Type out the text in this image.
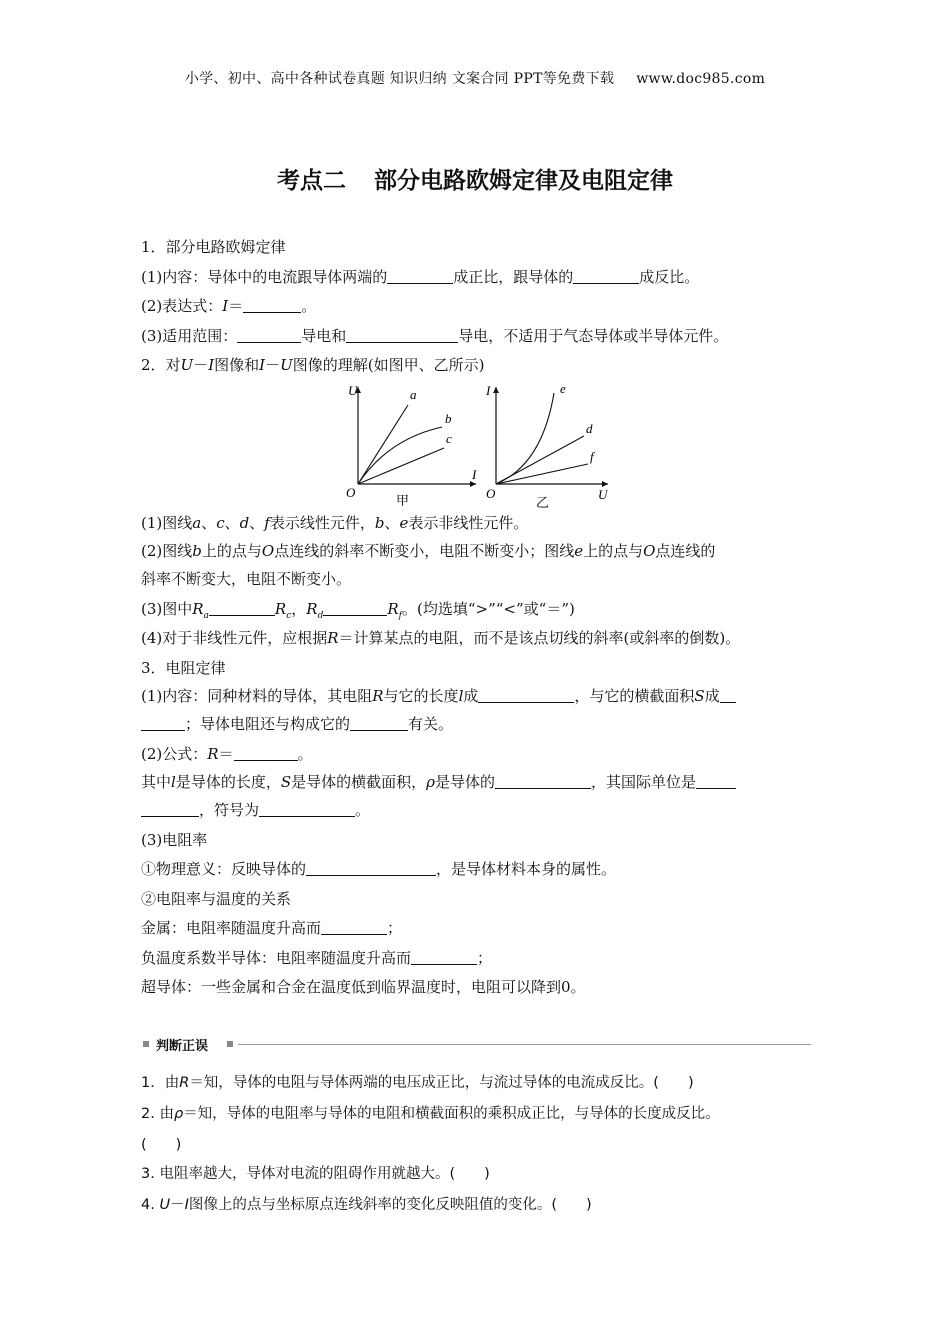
小学、初中、高中各种试卷真题 知识归纳 文案合同 PPT等免费下载 www.doc985.com
考点二 部分电路欧姆定律及电阻定律
1．部分电路欧姆定律
(1)内容：导体中的电流跟导体两端的	成正比，跟导体的	成反比。
(2)表达式：I＝	。
(3)适用范围：	导电和	导电，不适用于气态导体或半导体元件。
2．对U－I图像和I－U图像的理解(如图甲、乙所示)
U
I
O
a
b
c
甲
I
U
O
e
d
f
乙
(1)图线a、c、d、f表示线性元件，b、e表示非线性元件。
(2)图线b上的点与O点连线的斜率不断变小，电阻不断变小；图线e上的点与O点连线的
斜率不断变大，电阻不断变小。
(3)图中$R_a$	$R_c$，$R_d$	$R_f$。(均选填“>”“<”或“＝”)
(4)对于非线性元件，应根据R＝计算某点的电阻，而不是该点切线的斜率(或斜率的倒数)。
3．电阻定律
(1)内容：同种材料的导体，其电阻R与它的长度l成	，与它的横截面积S成
；导体电阻还与构成它的	有关。
(2)公式：R＝	。
其中l是导体的长度，S是导体的横截面积，ρ是导体的	，其国际单位是
，符号为	。
(3)电阻率
①物理意义：反映导体的	，是导体材料本身的属性。
②电阻率与温度的关系
金属：电阻率随温度升高而	；
负温度系数半导体：电阻率随温度升高而	；
超导体：一些金属和合金在温度低到临界温度时，电阻可以降到0。
判断正误
1．由R＝知，导体的电阻与导体两端的电压成正比，与流过导体的电流成反比。(　　)
2. 由ρ＝知，导体的电阻率与导体的电阻和横截面积的乘积成正比，与导体的长度成反比。
(　　)
3. 电阻率越大，导体对电流的阻碍作用就越大。(　　)
4. U－I图像上的点与坐标原点连线斜率的变化反映阻值的变化。(　　)
